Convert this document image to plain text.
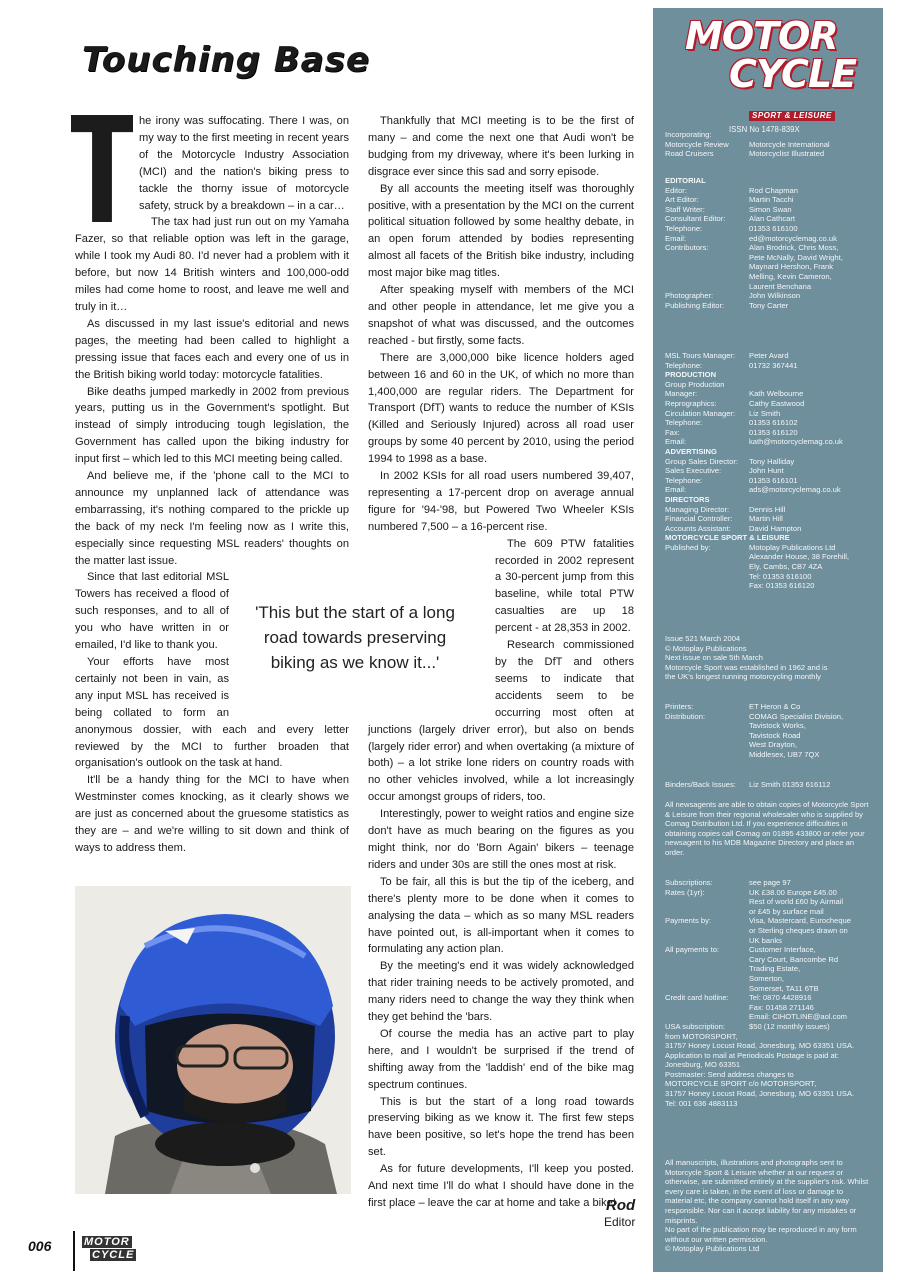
Touching Base

he irony was suffocating. There I was, on my way to the first meeting in recent years of the Motorcycle Industry Association (MCI) and the nation's biking press to tackle the thorny issue of motorcycle safety, struck by a breakdown – in a car…

The tax had just run out on my Yamaha Fazer, so that reliable option was left in the garage, while I took my Audi 80. I'd never had a problem with it before, but now 14 British winters and 100,000-odd miles had come home to roost, and leave me well and truly in it…

As discussed in my last issue's editorial and news pages, the meeting had been called to highlight a pressing issue that faces each and every one of us in the British biking world today: motorcycle fatalities.

Bike deaths jumped markedly in 2002 from previous years, putting us in the Government's spotlight. But instead of simply introducing tough legislation, the Government has called upon the biking industry for input first – which led to this MCI meeting being called.

And believe me, if the 'phone call to the MCI to announce my unplanned lack of attendance was embarrassing, it's nothing compared to the prickle up the back of my neck I'm feeling now as I write this, especially since requesting MSL readers' thoughts on the matter last issue.

Since that last editorial MSL Towers has received a flood of such responses, and to all of you who have written in or emailed, I'd like to thank you.

Your efforts have most certainly not been in vain, as any input MSL has received is being collated to form an anonymous dossier, with each and every letter reviewed by the MCI to further broaden that organisation's outlook on the task at hand.

It'll be a handy thing for the MCI to have when Westminster comes knocking, as it clearly shows we are just as concerned about the gruesome statistics as they are – and we're willing to sit down and think of ways to address them.

Thankfully that MCI meeting is to be the first of many – and come the next one that Audi won't be budging from my driveway, where it's been lurking in disgrace ever since this sad and sorry episode.

By all accounts the meeting itself was thoroughly positive, with a presentation by the MCI on the current political situation followed by some healthy debate, in an open forum attended by bodies representing almost all facets of the British bike industry, including most major bike mag titles.

After speaking myself with members of the MCI and other people in attendance, let me give you a snapshot of what was discussed, and the outcomes reached - but firstly, some facts.

There are 3,000,000 bike licence holders aged between 16 and 60 in the UK, of which no more than 1,400,000 are regular riders. The Department for Transport (DfT) wants to reduce the number of KSIs (Killed and Seriously Injured) across all road user groups by some 40 percent by 2010, using the period 1994 to 1998 as a base.

In 2002 KSIs for all road users numbered 39,407, representing a 17-percent drop on average annual figure for '94-'98, but Powered Two Wheeler KSIs numbered 7,500 – a 16-percent rise.

The 609 PTW fatalities recorded in 2002 represent a 30-percent jump from this baseline, while total PTW casualties are up 18 percent - at 28,353 in 2002.

Research commissioned by the DfT and others seems to indicate that accidents seem to be occurring most often at junctions (largely driver error), but also on bends (largely rider error) and when overtaking (a mixture of both) – a lot strike lone riders on country roads with no other vehicles involved, while a lot increasingly occur amongst groups of riders, too.

Interestingly, power to weight ratios and engine size don't have as much bearing on the figures as you might think, nor do 'Born Again' bikers – teenage riders and under 30s are still the ones most at risk.

To be fair, all this is but the tip of the iceberg, and there's plenty more to be done when it comes to analysing the data – which as so many MSL readers have pointed out, is all-important when it comes to formulating any action plan.

By the meeting's end it was widely acknowledged that rider training needs to be actively promoted, and many riders need to change the way they think when they get behind the 'bars.

Of course the media has an active part to play here, and I wouldn't be surprised if the trend of shifting away from the 'laddish' end of the bike mag spectrum continues.

This is but the start of a long road towards preserving biking as we know it. The first few steps have been positive, so let's hope the trend has been set.

As for future developments, I'll keep you posted. And next time I'll do what I should have done in the first place – leave the car at home and take a bike!

'This but the start of a long road towards preserving biking as we know it...'
Rod
Editor
006	MOTOR
CYCLE
MOTOR
CYCLE
SPORT & LEISURE
ISSN No 1478-839X
Incorporating:
Motorcycle Review	Motorcycle International
Road Cruisers	Motorcyclist Illustrated
EDITORIAL
Editor:	Rod Chapman
Art Editor:	Martin Tacchi
Staff Writer:	Simon Swan
Consultant Editor:	Alan Cathcart
Telephone:	01353 616100
Email:	ed@motorcyclemag.co.uk
Contributors:	Alan Brodrick, Chris Moss,
Pete McNally, David Wright,
Maynard Hershon, Frank
Melling, Kevin Cameron,
Laurent Benchana
Photographer:	John Wilkinson
Publishing Editor:	Tony Carter
MSL Tours Manager:	Peter Avard
Telephone:	01732 367441
PRODUCTION
Group Production
Manager:	Kath Welbourne
Reprographics:	Cathy Eastwood
Circulation Manager:	Liz Smith
Telephone:	01353 616102
Fax:	01353 616120
Email:	kath@motorcyclemag.co.uk
ADVERTISING
Group Sales Director:	Tony Halliday
Sales Executive:	John Hunt
Telephone:	01353 616101
Email:	ads@motorcyclemag.co.uk
DIRECTORS
Managing Director:	Dennis Hill
Financial Controller:	Martin Hill
Accounts Assistant:	David Hampton
MOTORCYCLE SPORT & LEISURE
Published by:	Motoplay Publications Ltd
Alexander House, 38 Forehill,
Ely, Cambs, CB7 4ZA
Tel: 01353 616100
Fax: 01353 616120
Issue 521 March 2004
© Motoplay Publications
Next issue on sale 5th March
Motorcycle Sport was established in 1962 and is
the UK's longest running motorcycling monthly
Printers:	ET Heron & Co
Distribution:	COMAG Specialist Division,
Tavistock Works,
Tavistock Road
West Drayton,
Middlesex, UB7 7QX
Binders/Back Issues:	Liz Smith 01353 616112
All newsagents are able to obtain copies of Motorcycle Sport & Leisure from their regional wholesaler who is supplied by Comag Distribution Ltd. If you experience difficulties in obtaining copies call Comag on 01895 433800 or refer your newsagent to his MDB Magazine Directory and place an order.
Subscriptions:	see page 97
Rates (1yr):	UK £38.00 Europe £45.00
Rest of world £60 by Airmail
or £45 by surface mail
Payments by:	Visa, Mastercard, Eurocheque
or Sterling cheques drawn on
UK banks
All payments to:	Customer Interface,
Cary Court, Bancombe Rd
Trading Estate,
Somerton,
Somerset, TA11 6TB
Credit card hotline:	Tel: 0870 4428916
Fax: 01458 271146
Email: CIHOTLINE@aol.com
USA subscription:	$50 (12 monthly issues)
from MOTORSPORT,
31757 Honey Locust Road, Jonesburg, MO 63351 USA.
Application to mail at Periodicals Postage is paid at:
Jonesburg, MO 63351
Postmaster: Send address changes to
MOTORCYCLE SPORT c/o MOTORSPORT,
31757 Honey Locust Road, Jonesburg, MO 63351 USA.
Tel: 001 636 4883113
All manuscripts, illustrations and photographs sent to Motorcycle Sport & Leisure whether at our request or otherwise, are submitted entirely at the supplier's risk. Whilst every care is taken, in the event of loss or damage to material etc, the company cannot hold itself in any way responsible. Nor can it accept liability for any mistakes or misprints.
No part of the publication may be reproduced in any form without our written permission.
© Motoplay Publications Ltd
